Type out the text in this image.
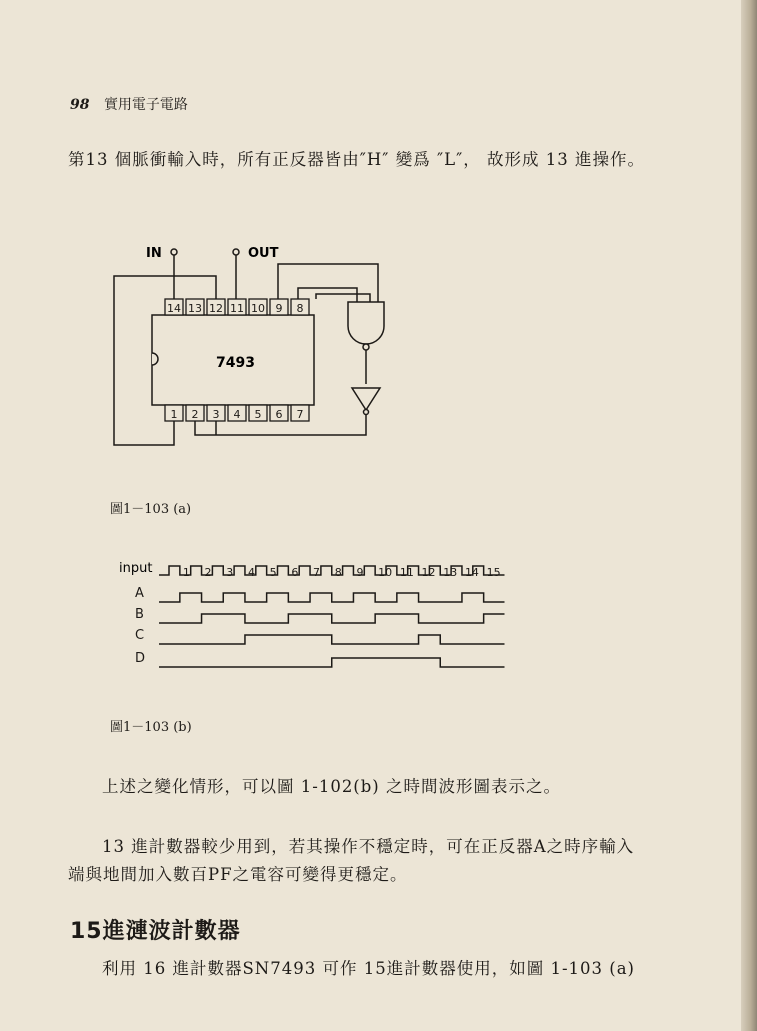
98 實用電子電路

第13 個脈衝輸入時，所有正反器皆由″H″ 變爲 ″L″， 故形成 13 進操作。

14 13 12 11 10 9 8
1 2 3 4 5 6 7
IN	OUT
7493
圖1－103 (a)
input
A
B
C
D
1 2 3 4 5 6 7 8 9 10 11 12 13 14 15
圖1－103 (b)

上述之變化情形，可以圖 1-102(b) 之時間波形圖表示之。

13 進計數器較少用到，若其操作不穩定時，可在正反器A之時序輸入端與地間加入數百PF之電容可變得更穩定。

15進漣波計數器

利用 16 進計數器SN7493 可作 15進計數器使用，如圖 1-103 (a)
